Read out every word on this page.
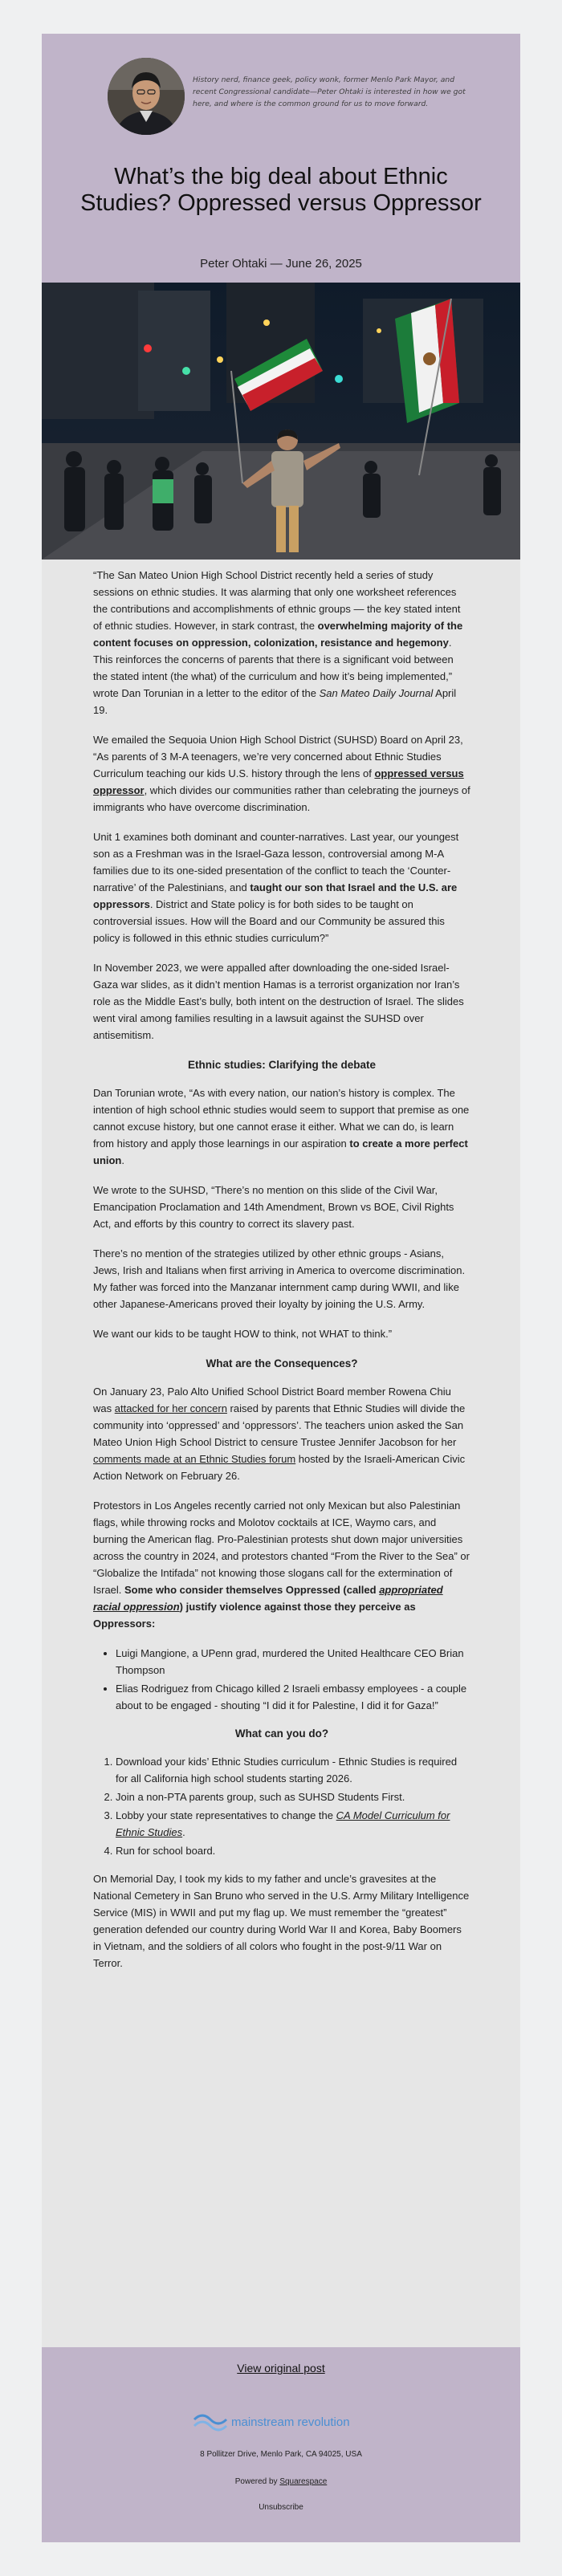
History nerd, finance geek, policy wonk, former Menlo Park Mayor, and recent Congressional candidate—Peter Ohtaki is interested in how we got here, and where is the common ground for us to move forward.

What’s the big deal about Ethnic Studies? Oppressed versus Oppressor
Peter Ohtaki — June 26, 2025

“The San Mateo Union High School District recently held a series of study sessions on ethnic studies. It was alarming that only one worksheet references the contributions and accomplishments of ethnic groups — the key stated intent of ethnic studies. However, in stark contrast, the overwhelming majority of the content focuses on oppression, colonization, resistance and hegemony. This reinforces the concerns of parents that there is a significant void between the stated intent (the what) of the curriculum and how it’s being implemented,” wrote Dan Torunian in a letter to the editor of the San Mateo Daily Journal April 19.

We emailed the Sequoia Union High School District (SUHSD) Board on April 23, “As parents of 3 M-A teenagers, we’re very concerned about Ethnic Studies Curriculum teaching our kids U.S. history through the lens of oppressed versus oppressor, which divides our communities rather than celebrating the journeys of immigrants who have overcome discrimination.

Unit 1 examines both dominant and counter-narratives. Last year, our youngest son as a Freshman was in the Israel-Gaza lesson, controversial among M-A families due to its one-sided presentation of the conflict to teach the ‘Counter-narrative’ of the Palestinians, and taught our son that Israel and the U.S. are oppressors. District and State policy is for both sides to be taught on controversial issues. How will the Board and our Community be assured this policy is followed in this ethnic studies curriculum?”

In November 2023, we were appalled after downloading the one-sided Israel-Gaza war slides, as it didn’t mention Hamas is a terrorist organization nor Iran’s role as the Middle East’s bully, both intent on the destruction of Israel. The slides went viral among families resulting in a lawsuit against the SUHSD over antisemitism.

Ethnic studies: Clarifying the debate

Dan Torunian wrote, “As with every nation, our nation’s history is complex. The intention of high school ethnic studies would seem to support that premise as one cannot excuse history, but one cannot erase it either. What we can do, is learn from history and apply those learnings in our aspiration to create a more perfect union.

We wrote to the SUHSD, “There’s no mention on this slide of the Civil War, Emancipation Proclamation and 14th Amendment, Brown vs BOE, Civil Rights Act, and efforts by this country to correct its slavery past.

There’s no mention of the strategies utilized by other ethnic groups - Asians, Jews, Irish and Italians when first arriving in America to overcome discrimination. My father was forced into the Manzanar internment camp during WWII, and like other Japanese-Americans proved their loyalty by joining the U.S. Army.

We want our kids to be taught HOW to think, not WHAT to think.”

What are the Consequences?

On January 23, Palo Alto Unified School District Board member Rowena Chiu was attacked for her concern raised by parents that Ethnic Studies will divide the community into ‘oppressed’ and ‘oppressors’. The teachers union asked the San Mateo Union High School District to censure Trustee Jennifer Jacobson for her comments made at an Ethnic Studies forum hosted by the Israeli-American Civic Action Network on February 26.

Protestors in Los Angeles recently carried not only Mexican but also Palestinian flags, while throwing rocks and Molotov cocktails at ICE, Waymo cars, and burning the American flag. Pro-Palestinian protests shut down major universities across the country in 2024, and protestors chanted “From the River to the Sea” or “Globalize the Intifada” not knowing those slogans call for the extermination of Israel. Some who consider themselves Oppressed (called appropriated racial oppression) justify violence against those they perceive as Oppressors:

• Luigi Mangione, a UPenn grad, murdered the United Healthcare CEO Brian Thompson
• Elias Rodriguez from Chicago killed 2 Israeli embassy employees - a couple about to be engaged - shouting “I did it for Palestine, I did it for Gaza!”
What can you do?
1. Download your kids’ Ethnic Studies curriculum - Ethnic Studies is required for all California high school students starting 2026.
2. Join a non-PTA parents group, such as SUHSD Students First.
3. Lobby your state representatives to change the CA Model Curriculum for Ethnic Studies.
4. Run for school board.

On Memorial Day, I took my kids to my father and uncle’s gravesites at the National Cemetery in San Bruno who served in the U.S. Army Military Intelligence Service (MIS) in WWII and put my flag up. We must remember the “greatest” generation defended our country during World War II and Korea, Baby Boomers in Vietnam, and the soldiers of all colors who fought in the post-9/11 War on Terror.

View original post
mainstream revolution
8 Pollitzer Drive, Menlo Park, CA 94025, USA
Powered by Squarespace
Unsubscribe
